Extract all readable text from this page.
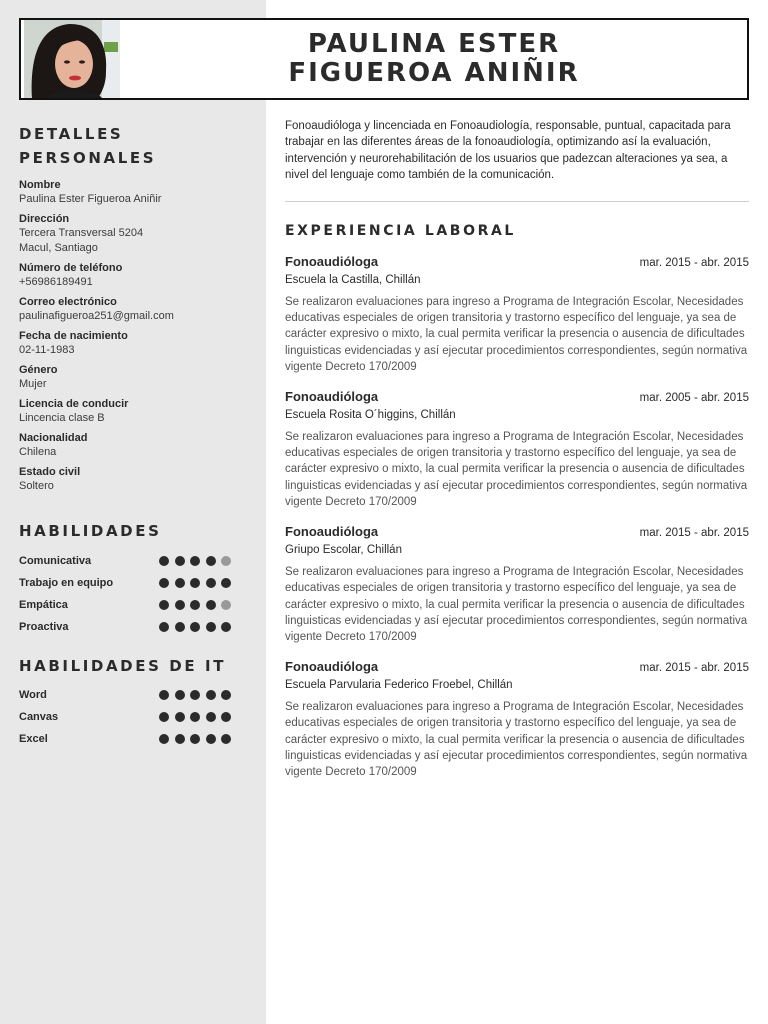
PAULINA ESTER
FIGUEROA ANIÑIR
DETALLES
PERSONALES
Nombre
Paulina Ester Figueroa Aniñir
Dirección
Tercera Transversal 5204
Macul, Santiago
Número de teléfono
+56986189491
Correo electrónico
paulinafigueroa251@gmail.com
Fecha de nacimiento
02-11-1983
Género
Mujer
Licencia de conducir
Lincencia clase B
Nacionalidad
Chilena
Estado civil
Soltero
HABILIDADES
Comunicativa
Trabajo en equipo
Empática
Proactiva
HABILIDADES DE IT
Word
Canvas
Excel

Fonoaudióloga y lincenciada en Fonoaudiología, responsable, puntual, capacitada para trabajar en las diferentes áreas de la fonoaudiología, optimizando así la evaluación, intervención y neurorehabilitación de los usuarios que padezcan alteraciones ya sea, a nivel del lenguaje como también de la comunicación.

EXPERIENCIA LABORAL
Fonoaudióloga	mar. 2015 - abr. 2015
Escuela la Castilla, Chillán

Se realizaron evaluaciones para ingreso a Programa de Integración Escolar, Necesidades educativas especiales de origen transitoria y trastorno específico del lenguaje, ya sea de carácter expresivo o mixto, la cual permita verificar la presencia o ausencia de dificultades linguisticas evidenciadas y así ejecutar procedimientos correspondientes, según normativa vigente Decreto 170/2009

Fonoaudióloga	mar. 2005 - abr. 2015
Escuela Rosita O´higgins, Chillán

Se realizaron evaluaciones para ingreso a Programa de Integración Escolar, Necesidades educativas especiales de origen transitoria y trastorno específico del lenguaje, ya sea de carácter expresivo o mixto, la cual permita verificar la presencia o ausencia de dificultades linguisticas evidenciadas y así ejecutar procedimientos correspondientes, según normativa vigente Decreto 170/2009

Fonoaudióloga	mar. 2015 - abr. 2015
Griupo Escolar, Chillán

Se realizaron evaluaciones para ingreso a Programa de Integración Escolar, Necesidades educativas especiales de origen transitoria y trastorno específico del lenguaje, ya sea de carácter expresivo o mixto, la cual permita verificar la presencia o ausencia de dificultades linguisticas evidenciadas y así ejecutar procedimientos correspondientes, según normativa vigente Decreto 170/2009

Fonoaudióloga	mar. 2015 - abr. 2015
Escuela Parvularia Federico Froebel, Chillán

Se realizaron evaluaciones para ingreso a Programa de Integración Escolar, Necesidades educativas especiales de origen transitoria y trastorno específico del lenguaje, ya sea de carácter expresivo o mixto, la cual permita verificar la presencia o ausencia de dificultades linguisticas evidenciadas y así ejecutar procedimientos correspondientes, según normativa vigente Decreto 170/2009
